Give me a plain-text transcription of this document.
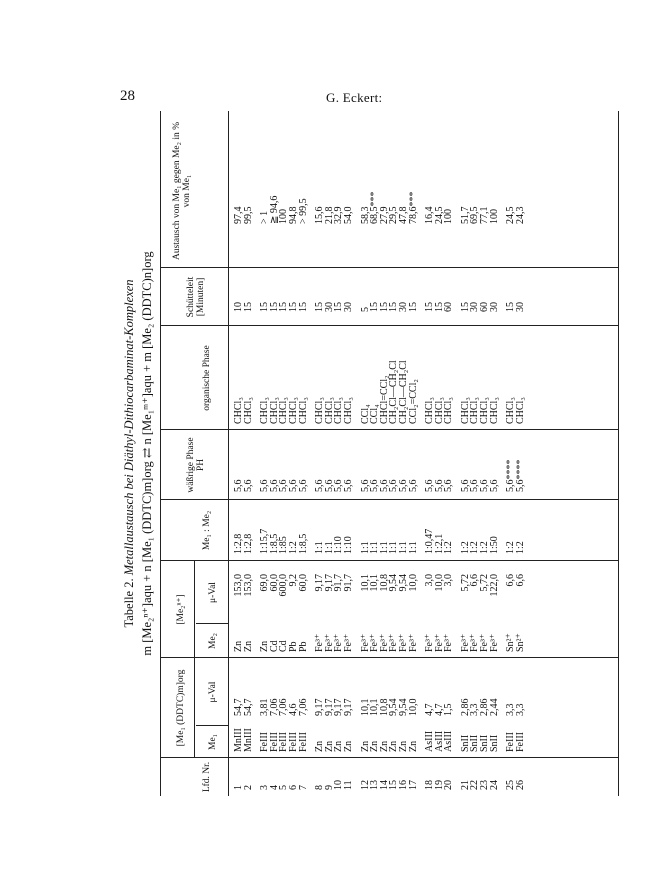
28	G. Eckert:
Tabelle 2. Metallaustausch bei Diäthyl-Dithiocarbaminat-Komplexen m [Me₂ⁿ⁺]aqu + n [Me₁ (DDTC)m]org ⇄ n [Me₁ᵐ⁺]aqu + m [Me₂ (DDTC)n]org
Lfd. Nr.
[Me₁ (DDTC)m]org Me₁
μ-Val
[Me₂ⁿ⁺]
Me₂
μ-Val
Me₁ : Me₂
wäßrige Phase PH
organische Phase
Schütteleit [Minuten]
Austausch von Me₁ gegen Me₂ in % von Me₁
1
2 3
4
5
6
7 8
9
10
11 12
13
14
15
16
17 18
19
20 21
22
23
24 25
26
MnIII
MnIII FeIII
FeIII
FeIII
FeIII
FeIII Zn
Zn
Zn
Zn Zn
Zn
Zn
Zn
Zn
Zn AsIII
AsIII
AsIII SnII
SnII
SnII
SnII FeIII
FeIII
54,7
54,7 3,81
7,06
7,06
4,6
7,06 9,17
9,17
9,17
9,17 10,1
10,1
10,8
9,54
9,54
10,0 4,7
4,7
1,5 2,86
3,3
2,86
2,44 3,3
3,3
Zn
Zn Zn
Cd
Cd
Pb
Pb Fe³⁺
Fe³⁺
Fe³⁺
Fe³⁺ Fe³⁺
Fe³⁺
Fe³⁺
Fe³⁺
Fe³⁺
Fe³⁺ Fe³⁺
Fe³⁺
Fe³⁺ Fe³⁺
Fe³⁺
Fe³⁺
Fe³⁺ Sn²⁺
Sn²⁺
153,0
153,0 69,0
60,0
600,0
9,2
60,0 9,17
9,17
91,7
91,7 10,1
10,1
10,8
9,54
9,54
10,0 3,0
10,0
3,0 5,72
6,6
5,72
122,0 6,6
6,6
1:2,8
1:2,8 1:15,7
1:8,5
1:85
1:2
1:8,5 1:1
1:1
1:10
1:10 1:1
1:1
1:1
1:1
1:1
1:1 1:0,47
1:2,1
1:2 1:2
1:2
1:2
1:50 1:2
1:2
5,6
5,6 5,6
5,6
5,6
5,6
5,6 5,6
5,6
5,6
5,6 5,6
5,6
5,6
5,6
5,6
5,6 5,6
5,6
5,6 5,6
5,6
5,6
5,6 5,6****
5,6****
CHCl₃
CHCl₃ CHCl₃
CHCl₃
CHCl₃
CHCl₃
CHCl₃ CHCl₃
CHCl₃
CHCl₃
CHCl₃ CCl₄
CCl₄
CHCl=CCl₂
CH₂Cl—CH₂Cl
CH₂Cl—CH₂Cl
CCl₂=CCl₂ CHCl₃
CHCl₃
CHCl₃ CHCl₃
CHCl₃
CHCl₃
CHCl₃ CHCl₃
CHCl₃
10
15 15
15
15
15
15 15
30
15
30 5
15
15
15
30
15 15
15
60 15
30
60
30 15
30
97,4
99,5 > 1
≧ 94,6
100
94,8
> 99,5 15,6
21,8
32,9
54,0 58,3
68,5***
27,9
29,5
47,8
78,6*** 16,4
24,5
100 51,7
69,5
77,1
100 24,5
24,3
